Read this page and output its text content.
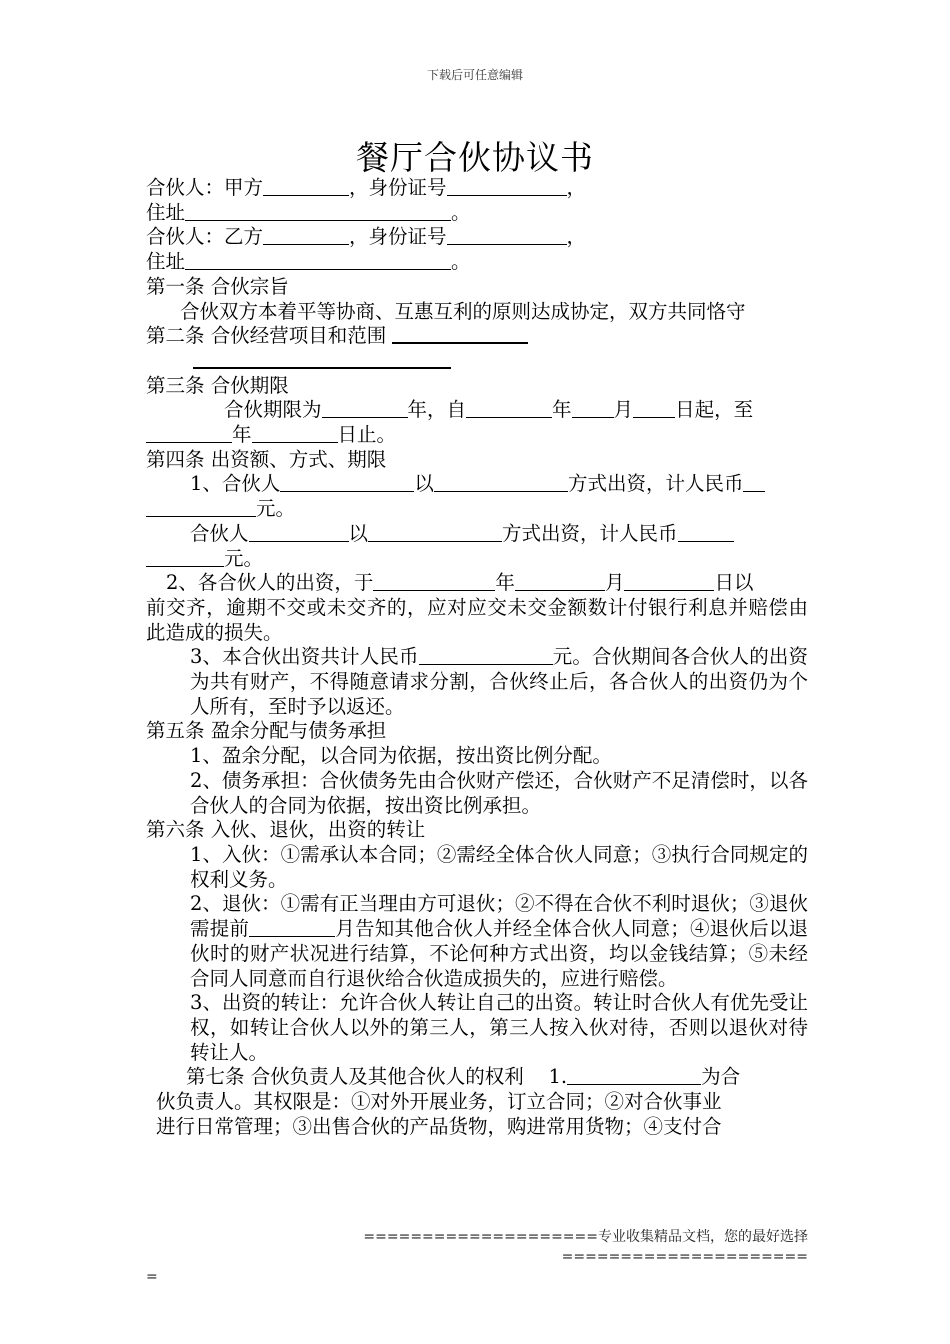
下载后可任意编辑
餐厅合伙协议书
合伙人：甲方	，身份证号	，
住址	。
合伙人：乙方	，身份证号	，
住址	。
第一条 合伙宗旨

合伙双方本着平等协商、互惠互利的原则达成协定，双方共同恪守

第二条 合伙经营项目和范围
第三条 合伙期限
合伙期限为	年，自	年 月 日起，至
年	日止。
第四条 出资额、方式、期限
1、合伙人	以	方式出资，计人民币
元。
合伙人	以	方式出资，计人民币
元。
2、各合伙人的出资，于	年	月	日以

前交齐，逾期不交或未交齐的，应对应交未交金额数计付银行利息并赔偿由此造成的损失。

3、本合伙出资共计人民币	元。合伙期间各合伙人的出资为共有财产，不得随意请求分割，合伙终止后，各合伙人的出资仍为个人所有，至时予以返还。

第五条 盈余分配与债务承担

1、盈余分配，以合同为依据，按出资比例分配。

2、债务承担：合伙债务先由合伙财产偿还，合伙财产不足清偿时，以各合伙人的合同为依据，按出资比例承担。

第六条 入伙、退伙，出资的转让

1、入伙：①需承认本合同；②需经全体合伙人同意；③执行合同规定的权利义务。

2、退伙：①需有正当理由方可退伙；②不得在合伙不利时退伙；③退伙需提前	月告知其他合伙人并经全体合伙人同意；④退伙后以退伙时的财产状况进行结算，不论何种方式出资，均以金钱结算；⑤未经合同人同意而自行退伙给合伙造成损失的，应进行赔偿。

3、出资的转让：允许合伙人转让自己的出资。转让时合伙人有优先受让权，如转让合伙人以外的第三人，第三人按入伙对待，否则以退伙对待转让人。

第七条 合伙负责人及其他合伙人的权利 1.	为合
伙负责人。其权限是：①对外开展业务，订立合同；②对合伙事业
进行日常管理；③出售合伙的产品货物，购进常用货物；④支付合
====================专业收集精品文档，您的最好选择=====================
=
